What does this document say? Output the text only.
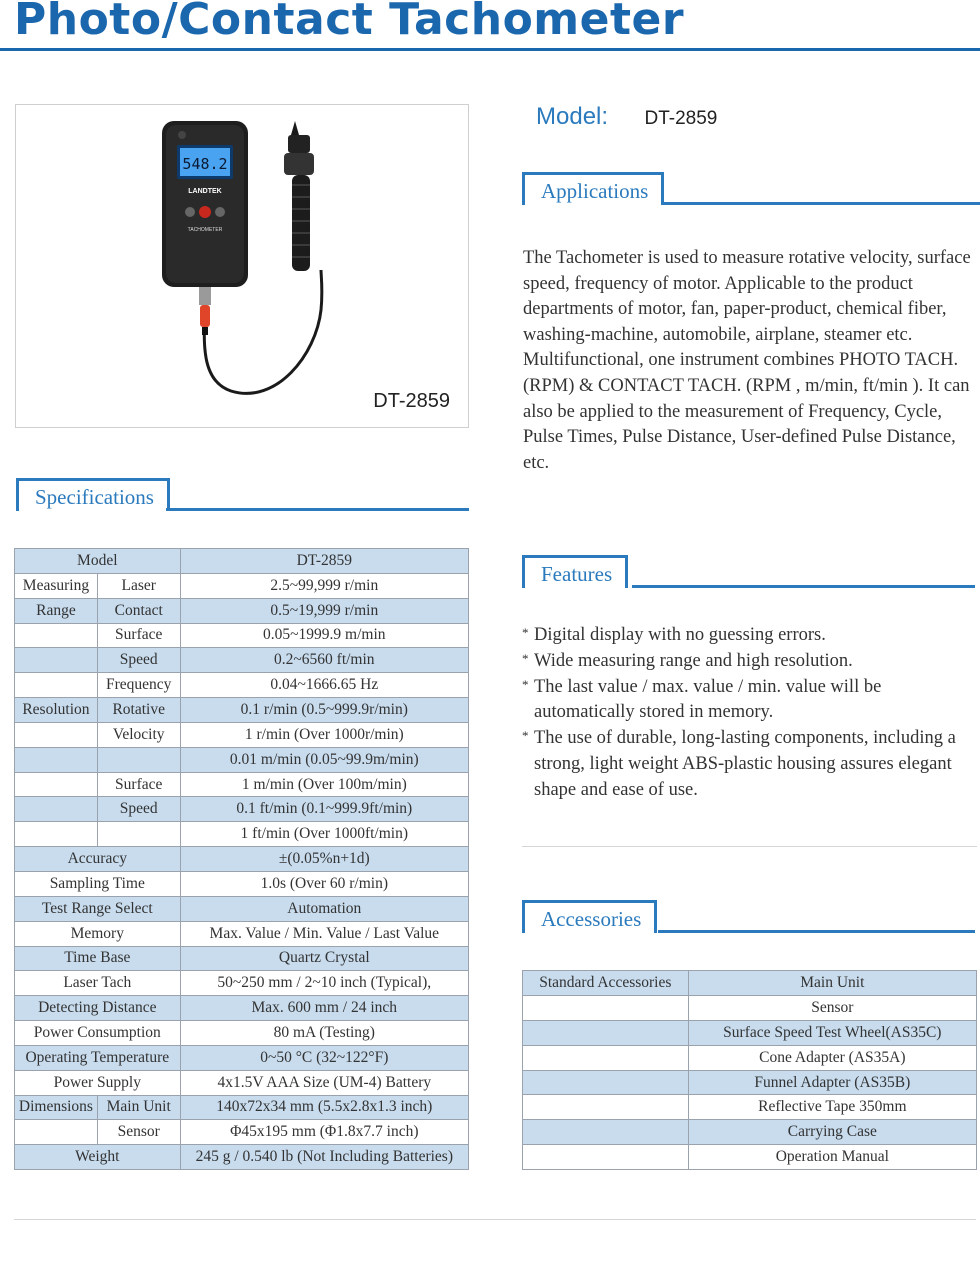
Photo/Contact Tachometer
548.2
LANDTEK
TACHOMETER
DT-2859
Model: DT-2859
Applications

The Tachometer is used to measure rotative velocity, surface speed, frequency of motor. Applicable to the product departments of motor, fan, paper-product, chemical fiber, washing-machine, automobile, airplane, steamer etc.

Multifunctional, one instrument combines PHOTO TACH.(RPM) & CONTACT TACH. (RPM , m/min, ft/min ). It can also be applied to the measurement of Frequency, Cycle, Pulse Times, Pulse Distance, User-defined Pulse Distance, etc.

Specifications
Model		DT-2859
Measuring	Laser	2.5~99,999 r/min
Range	Contact	0.5~19,999 r/min
	Surface	0.05~1999.9 m/min
	Speed	0.2~6560 ft/min
	Frequency	0.04~1666.65 Hz
Resolution	Rotative	0.1 r/min (0.5~999.9r/min)
	Velocity	1 r/min (Over 1000r/min)
		0.01 m/min (0.05~99.9m/min)
	Surface	1 m/min (Over 100m/min)
	Speed	0.1 ft/min (0.1~999.9ft/min)
		1 ft/min (Over 1000ft/min)
Accuracy		±(0.05%n+1d)
Sampling Time		1.0s (Over 60 r/min)
Test Range Select		Automation
Memory		Max. Value / Min. Value / Last Value
Time Base		Quartz Crystal
Laser Tach		50~250 mm / 2~10 inch (Typical),
Detecting Distance		Max. 600 mm / 24 inch
Power Consumption		80 mA (Testing)
Operating Temperature		0~50 °C (32~122°F)
Power Supply		4x1.5V AAA Size (UM-4) Battery
Dimensions	Main Unit	140x72x34 mm (5.5x2.8x1.3 inch)
	Sensor	Φ45x195 mm (Φ1.8x7.7 inch)
Weight		245 g / 0.540 lb (Not Including Batteries)
Features
* Digital display with no guessing errors.
* Wide measuring range and high resolution.
* The last value / max. value / min. value will be automatically stored in memory.
* The use of durable, long-lasting components, including a strong, light weight ABS-plastic housing assures elegant shape and ease of use.
Accessories
Standard Accessories	Main Unit
	Sensor
	Surface Speed Test Wheel(AS35C)
	Cone Adapter (AS35A)
	Funnel Adapter (AS35B)
	Reflective Tape 350mm
	Carrying Case
	Operation Manual
